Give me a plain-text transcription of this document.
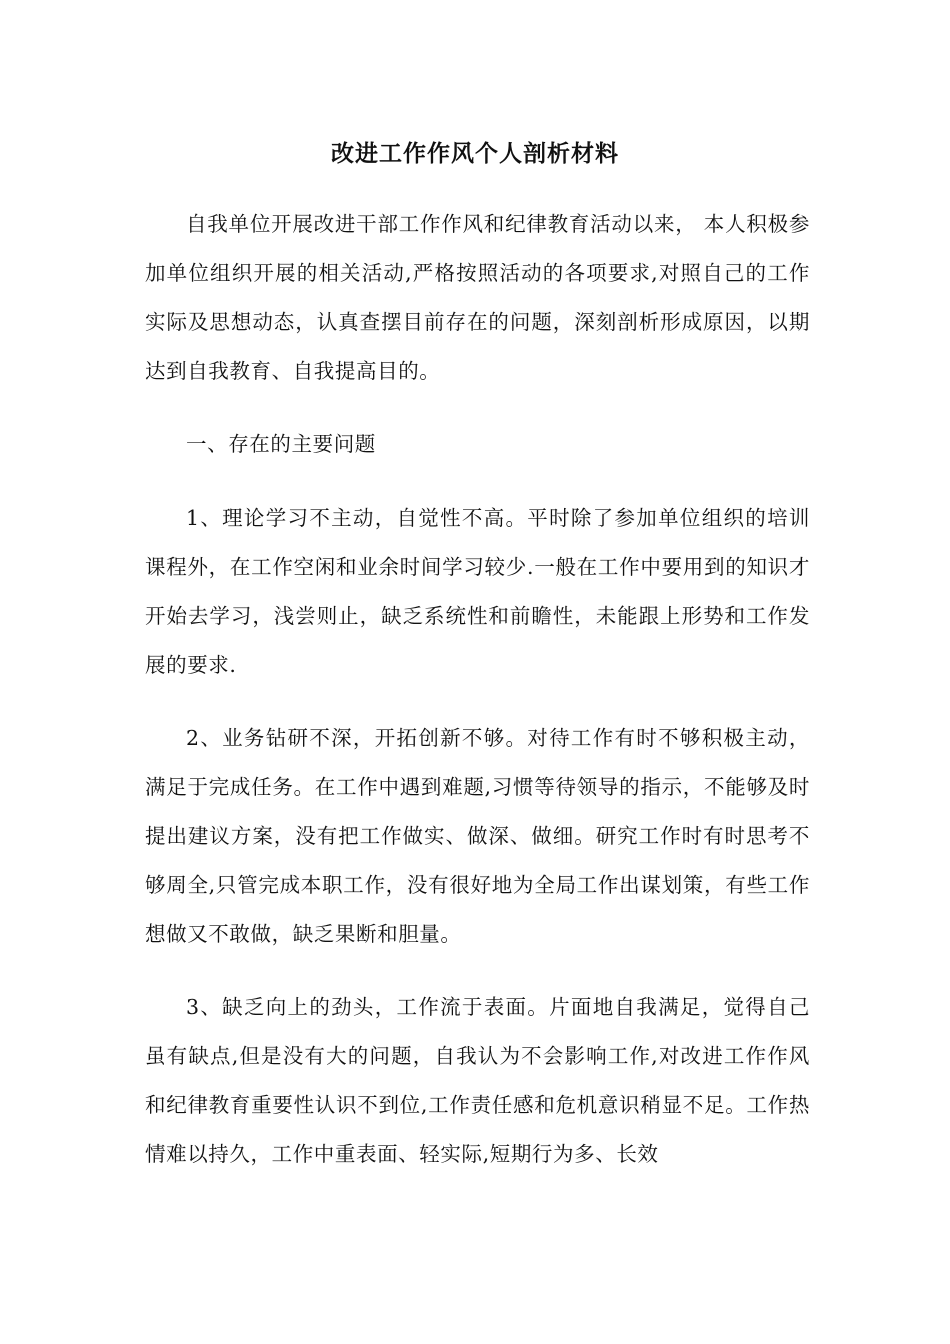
改进工作作风个人剖析材料
自我单位开展改进干部工作作风和纪律教育活动以来， 本人积极参加单位组织开展的相关活动,严格按照活动的各项要求,对照自己的工作实际及思想动态，认真查摆目前存在的问题，深刻剖析形成原因，以期达到自我教育、自我提高目的。
一、存在的主要问题
1、理论学习不主动，自觉性不高。平时除了参加单位组织的培训课程外，在工作空闲和业余时间学习较少.一般在工作中要用到的知识才开始去学习，浅尝则止，缺乏系统性和前瞻性，未能跟上形势和工作发展的要求.
2、业务钻研不深，开拓创新不够。对待工作有时不够积极主动，满足于完成任务。在工作中遇到难题,习惯等待领导的指示，不能够及时提出建议方案，没有把工作做实、做深、做细。研究工作时有时思考不够周全,只管完成本职工作，没有很好地为全局工作出谋划策，有些工作想做又不敢做，缺乏果断和胆量。
3、缺乏向上的劲头，工作流于表面。片面地自我满足，觉得自己虽有缺点,但是没有大的问题，自我认为不会影响工作,对改进工作作风和纪律教育重要性认识不到位,工作责任感和危机意识稍显不足。工作热情难以持久，工作中重表面、轻实际,短期行为多、长效
